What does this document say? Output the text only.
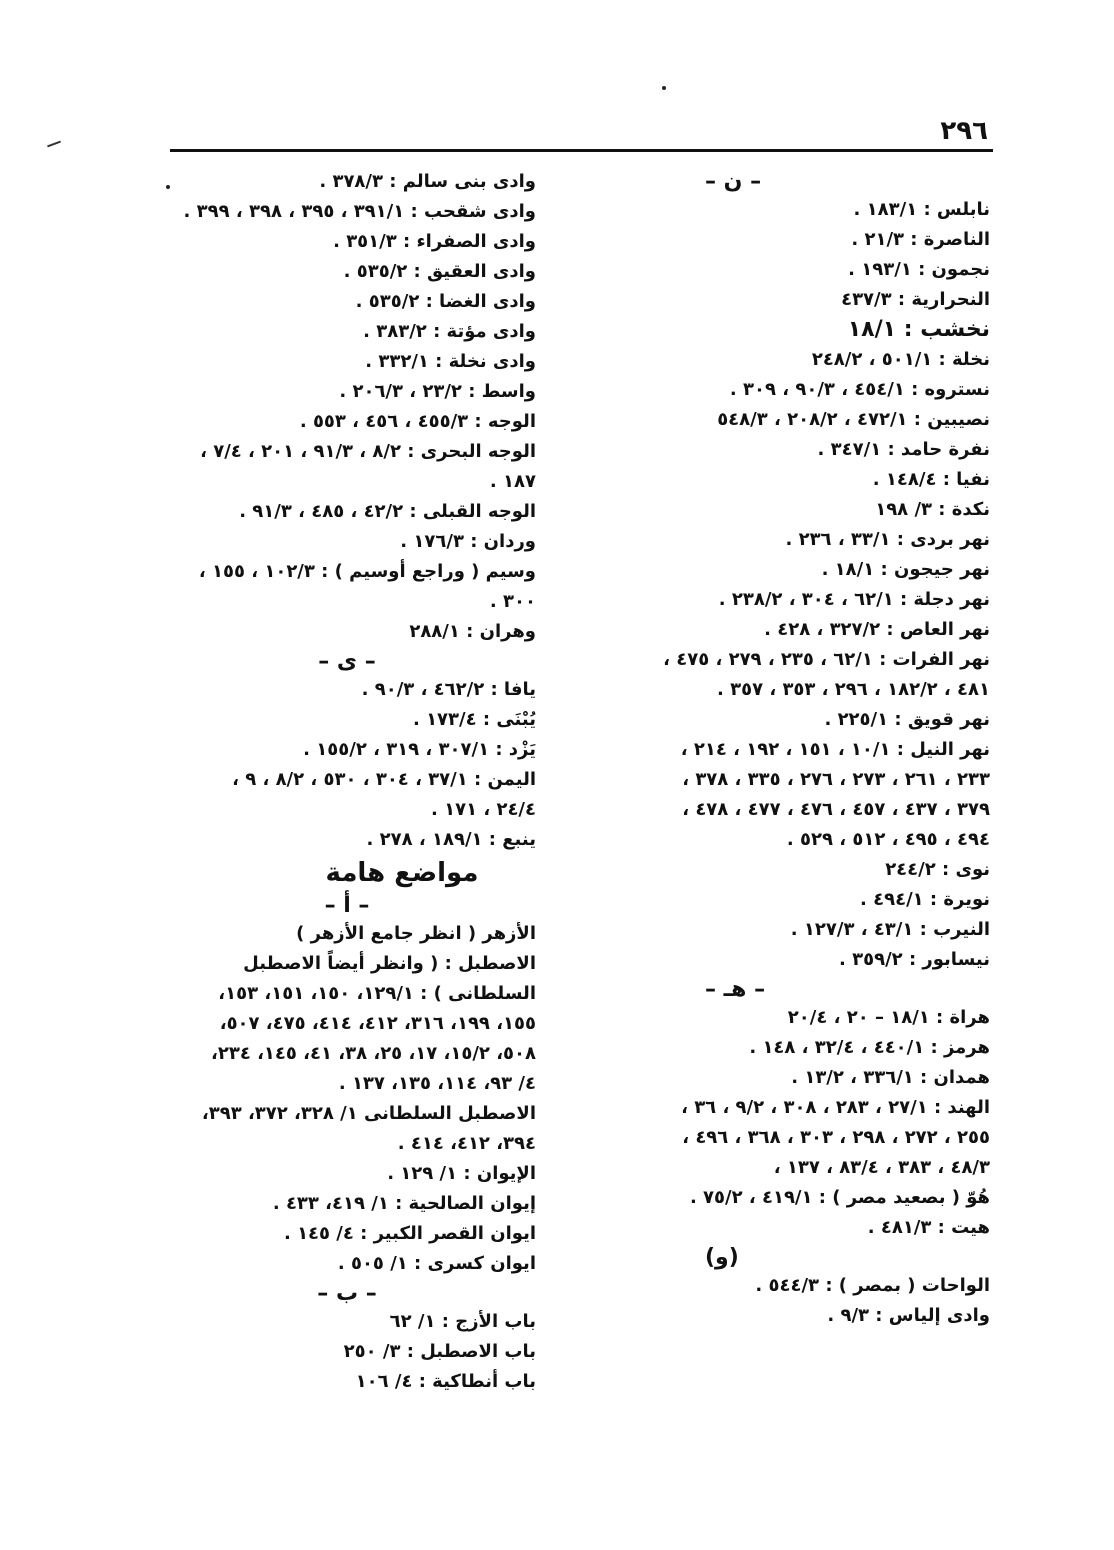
٢٩٦
– ن –
نابلس : ١٨٣/١ .
الناصرة : ٢١/٣ .
نجمون : ١٩٣/١ .
النحرارية : ٤٣٧/٣
نخشب : ١٨/١
نخلة : ٥٠١/١ ، ٢٤٨/٢
نستروه : ٤٥٤/١ ، ٩٠/٣ ، ٣٠٩ .
نصيبين : ٤٧٢/١ ، ٢٠٨/٢ ، ٥٤٨/٣
نفرة حامد : ٣٤٧/١ .
نفيا : ١٤٨/٤ .
نكدة : ٣/ ١٩٨
نهر بردى : ٣٣/١ ، ٢٣٦ .
نهر جيجون : ١٨/١ .
نهر دجلة : ٦٢/١ ، ٣٠٤ ، ٢٣٨/٢ .
نهر العاص : ٣٢٧/٢ ، ٤٢٨ .
نهر الفرات : ٦٢/١ ، ٢٣٥ ، ٢٧٩ ، ٤٧٥ ،
٤٨١ ، ١٨٢/٢ ، ٢٩٦ ، ٣٥٣ ، ٣٥٧ .
نهر قويق : ٢٢٥/١ .
نهر النيل : ١٠/١ ، ١٥١ ، ١٩٢ ، ٢١٤ ،
٢٣٣ ، ٢٦١ ، ٢٧٣ ، ٢٧٦ ، ٣٣٥ ، ٣٧٨ ،
٣٧٩ ، ٤٣٧ ، ٤٥٧ ، ٤٧٦ ، ٤٧٧ ، ٤٧٨ ،
٤٩٤ ، ٤٩٥ ، ٥١٢ ، ٥٢٩ .
نوى : ٢٤٤/٢
نويرة : ٤٩٤/١ .
النيرب : ٤٣/١ ، ١٢٧/٣ .
نيسابور : ٣٥٩/٢ .
– هـ –
هراة : ١٨/١ – ٢٠ ، ٢٠/٤
هرمز : ٤٤٠/١ ، ٣٢/٤ ، ١٤٨ .
همدان : ٣٣٦/١ ، ١٣/٢ .
الهند : ٢٧/١ ، ٢٨٣ ، ٣٠٨ ، ٩/٢ ، ٣٦ ،
٢٥٥ ، ٢٧٢ ، ٢٩٨ ، ٣٠٣ ، ٣٦٨ ، ٤٩٦ ،
٤٨/٣ ، ٣٨٣ ، ٨٣/٤ ، ١٣٧ ،
هُوّ ( بصعيد مصر ) : ٤١٩/١ ، ٧٥/٢ .
هيت : ٤٨١/٣ .
(و)
الواحات ( بمصر ) : ٥٤٤/٣ .
وادى إلياس : ٩/٣ .
وادى بنى سالم : ٣٧٨/٣ .
وادى شقحب : ٣٩١/١ ، ٣٩٥ ، ٣٩٨ ، ٣٩٩ .
وادى الصفراء : ٣٥١/٣ .
وادى العقيق : ٥٣٥/٢ .
وادى الغضا : ٥٣٥/٢ .
وادى مؤتة : ٣٨٣/٢ .
وادى نخلة : ٣٣٢/١ .
واسط : ٢٣/٢ ، ٢٠٦/٣ .
الوجه : ٤٥٥/٣ ، ٤٥٦ ، ٥٥٣ .
الوجه البحرى : ٨/٢ ، ٩١/٣ ، ٢٠١ ، ٧/٤ ،
١٨٧ .
الوجه القبلى : ٤٢/٢ ، ٤٨٥ ، ٩١/٣ .
وردان : ١٧٦/٣ .
وسيم ( وراجع أوسيم ) : ١٠٢/٣ ، ١٥٥ ،
٣٠٠ .
وهران : ٢٨٨/١
– ى –
يافا : ٤٦٢/٢ ، ٩٠/٣ .
يُبْنَى : ١٧٣/٤ .
يَزْد : ٣٠٧/١ ، ٣١٩ ، ١٥٥/٢ .
اليمن : ٣٧/١ ، ٣٠٤ ، ٥٣٠ ، ٨/٢ ، ٩ ،
٢٤/٤ ، ١٧١ .
ينبع : ١٨٩/١ ، ٢٧٨ .
مواضع هامة
– أ –
الأزهر ( انظر جامع الأزهر )
الاصطبل : ( وانظر أيضاً الاصطبل
السلطانى ) : ١٢٩/١، ١٥٠، ١٥١، ١٥٣،
١٥٥، ١٩٩، ٣١٦، ٤١٢، ٤١٤، ٤٧٥، ٥٠٧،
٥٠٨، ١٥/٢، ١٧، ٢٥، ٣٨، ٤١، ١٤٥، ٢٣٤،
٤/ ٩٣، ١١٤، ١٣٥، ١٣٧ .
الاصطبل السلطانى ١/ ٣٢٨، ٣٧٢، ٣٩٣،
٣٩٤، ٤١٢، ٤١٤ .
الإيوان : ١/ ١٢٩ .
إيوان الصالحية : ١/ ٤١٩، ٤٣٣ .
ايوان القصر الكبير : ٤/ ١٤٥ .
ايوان كسرى : ١/ ٥٠٥ .
– ب –
باب الأزج : ١/ ٦٢
باب الاصطبل : ٣/ ٢٥٠
باب أنطاكية : ٤/ ١٠٦
